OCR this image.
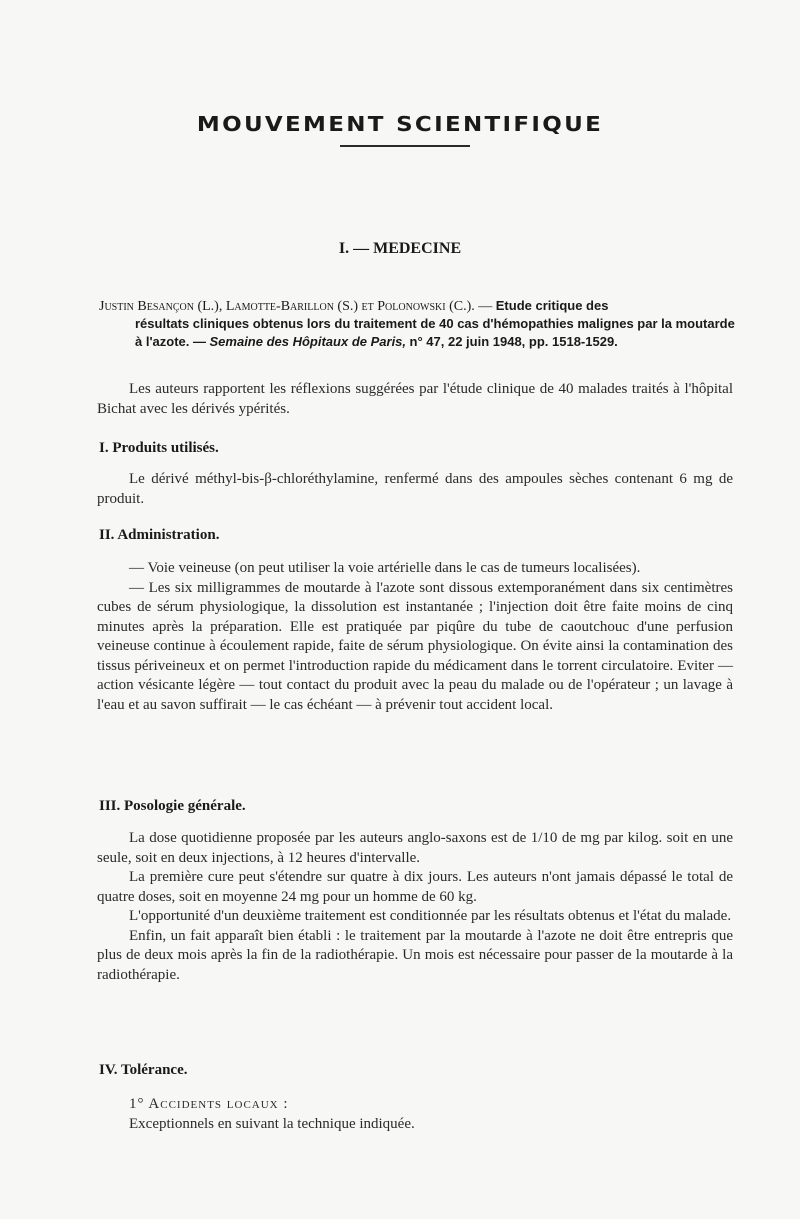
MOUVEMENT SCIENTIFIQUE
I. — MEDECINE
Justin Besançon (L.), Lamotte-Barillon (S.) et Polonowski (C.). — Etude critique des
résultats cliniques obtenus lors du traitement de 40 cas d'hémopathies malignes par la moutarde à l'azote. — Semaine des Hôpitaux de Paris, n° 47, 22 juin 1948, pp. 1518-1529.

Les auteurs rapportent les réflexions suggérées par l'étude clinique de 40 malades traités à l'hôpital Bichat avec les dérivés ypérités.

I. Produits utilisés.

Le dérivé méthyl-bis-β-chloréthylamine, renfermé dans des ampoules sèches contenant 6 mg de produit.

II. Administration.

— Voie veineuse (on peut utiliser la voie artérielle dans le cas de tumeurs localisées).

— Les six milligrammes de moutarde à l'azote sont dissous extemporanément dans six centimètres cubes de sérum physiologique, la dissolution est instantanée ; l'injection doit être faite moins de cinq minutes après la préparation. Elle est pratiquée par piqûre du tube de caoutchouc d'une perfusion veineuse continue à écoulement rapide, faite de sérum physiologique. On évite ainsi la contamination des tissus périveineux et on permet l'introduction rapide du médicament dans le torrent circulatoire. Eviter — action vésicante légère — tout contact du produit avec la peau du malade ou de l'opérateur ; un lavage à l'eau et au savon suffirait — le cas échéant — à prévenir tout accident local.

III. Posologie générale.

La dose quotidienne proposée par les auteurs anglo-saxons est de 1/10 de mg par kilog. soit en une seule, soit en deux injections, à 12 heures d'intervalle.

La première cure peut s'étendre sur quatre à dix jours. Les auteurs n'ont jamais dépassé le total de quatre doses, soit en moyenne 24 mg pour un homme de 60 kg.

L'opportunité d'un deuxième traitement est conditionnée par les résultats obtenus et l'état du malade.

Enfin, un fait apparaît bien établi : le traitement par la moutarde à l'azote ne doit être entrepris que plus de deux mois après la fin de la radiothérapie. Un mois est nécessaire pour passer de la moutarde à la radiothérapie.

IV. Tolérance.

1° Accidents locaux :

Exceptionnels en suivant la technique indiquée.
